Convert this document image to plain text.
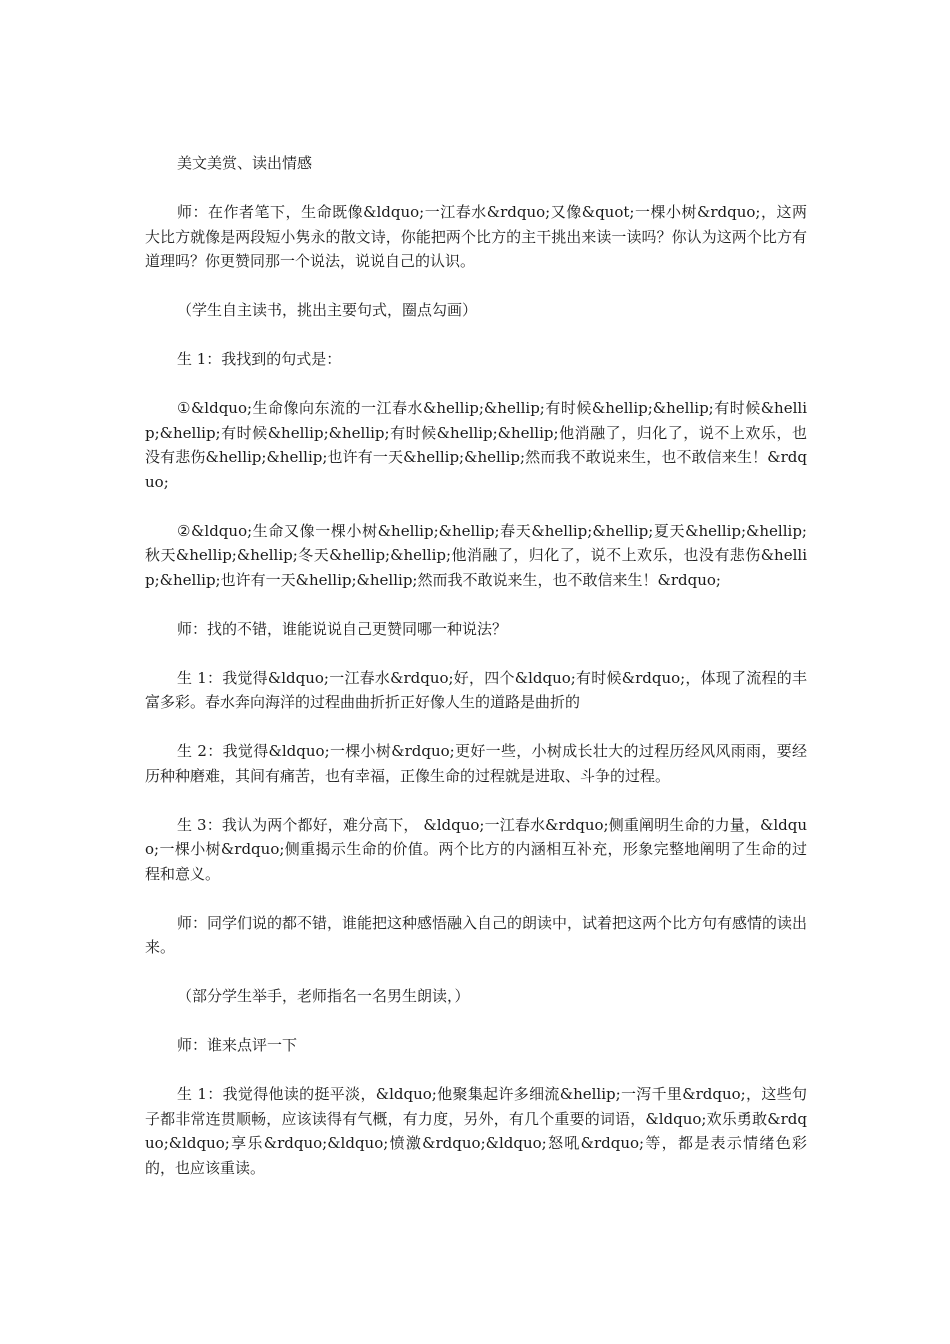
美文美赏、读出情感

师：在作者笔下，生命既像&ldquo;一江春水&rdquo;又像&quot;一棵小树&rdquo;，这两大比方就像是两段短小隽永的散文诗，你能把两个比方的主干挑出来读一读吗？你认为这两个比方有道理吗？你更赞同那一个说法，说说自己的认识。

（学生自主读书，挑出主要句式，圈点勾画）

生 1：我找到的句式是：

①&ldquo;生命像向东流的一江春水&hellip;&hellip;有时候&hellip;&hellip;有时候&hellip;&hellip;有时候&hellip;&hellip;有时候&hellip;&hellip;他消融了，归化了，说不上欢乐，也没有悲伤&hellip;&hellip;也许有一天&hellip;&hellip;然而我不敢说来生，也不敢信来生！&rdquo;

②&ldquo;生命又像一棵小树&hellip;&hellip;春天&hellip;&hellip;夏天&hellip;&hellip;秋天&hellip;&hellip;冬天&hellip;&hellip;他消融了，归化了，说不上欢乐，也没有悲伤&hellip;&hellip;也许有一天&hellip;&hellip;然而我不敢说来生，也不敢信来生！&rdquo;

师：找的不错，谁能说说自己更赞同哪一种说法？

生 1：我觉得&ldquo;一江春水&rdquo;好，四个&ldquo;有时候&rdquo;，体现了流程的丰富多彩。春水奔向海洋的过程曲曲折折正好像人生的道路是曲折的

生 2：我觉得&ldquo;一棵小树&rdquo;更好一些，小树成长壮大的过程历经风风雨雨，要经历种种磨难，其间有痛苦，也有幸福，正像生命的过程就是进取、斗争的过程。

生 3：我认为两个都好，难分高下， &ldquo;一江春水&rdquo;侧重阐明生命的力量，&ldquo;一棵小树&rdquo;侧重揭示生命的价值。两个比方的内涵相互补充，形象完整地阐明了生命的过程和意义。

师：同学们说的都不错，谁能把这种感悟融入自己的朗读中，试着把这两个比方句有感情的读出来。

（部分学生举手，老师指名一名男生朗读，）

师：谁来点评一下

生 1：我觉得他读的挺平淡，&ldquo;他聚集起许多细流&hellip;一泻千里&rdquo;，这些句子都非常连贯顺畅，应该读得有气概，有力度，另外，有几个重要的词语，&ldquo;欢乐勇敢&rdquo;&ldquo;享乐&rdquo;&ldquo;愤激&rdquo;&ldquo;怒吼&rdquo;等，都是表示情绪色彩的，也应该重读。
